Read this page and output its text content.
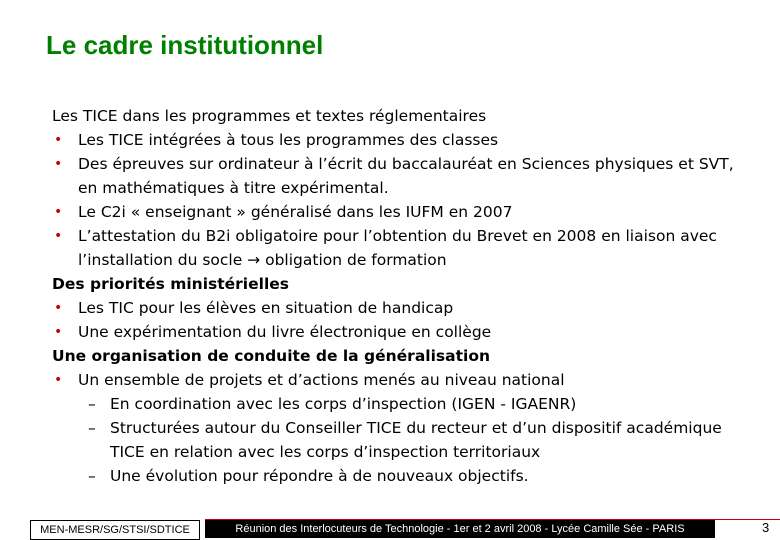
Le cadre institutionnel
Les TICE dans les programmes et textes réglementaires
• Les TICE intégrées à tous les programmes des classes
• Des épreuves sur ordinateur à l’écrit du baccalauréat en Sciences physiques et SVT, en mathématiques à titre expérimental.
• Le C2i « enseignant » généralisé dans les IUFM en 2007
• L’attestation du B2i obligatoire pour l’obtention du Brevet en 2008 en liaison avec l’installation du socle → obligation de formation
Des priorités ministérielles
• Les TIC pour les élèves en situation de handicap
• Une expérimentation du livre électronique en collège
Une organisation de conduite de la généralisation
• Un ensemble de projets et d’actions menés au niveau national
– En coordination avec les corps d’inspection (IGEN - IGAENR)
– Structurées autour du Conseiller TICE du recteur et d’un dispositif académique TICE en relation avec les corps d’inspection territoriaux
– Une évolution pour répondre à de nouveaux objectifs.
MEN-MESR/SG/STSI/SDTICE	Réunion des Interlocuteurs de Technologie - 1er et 2 avril 2008 - Lycée Camille Sée - PARIS	3
